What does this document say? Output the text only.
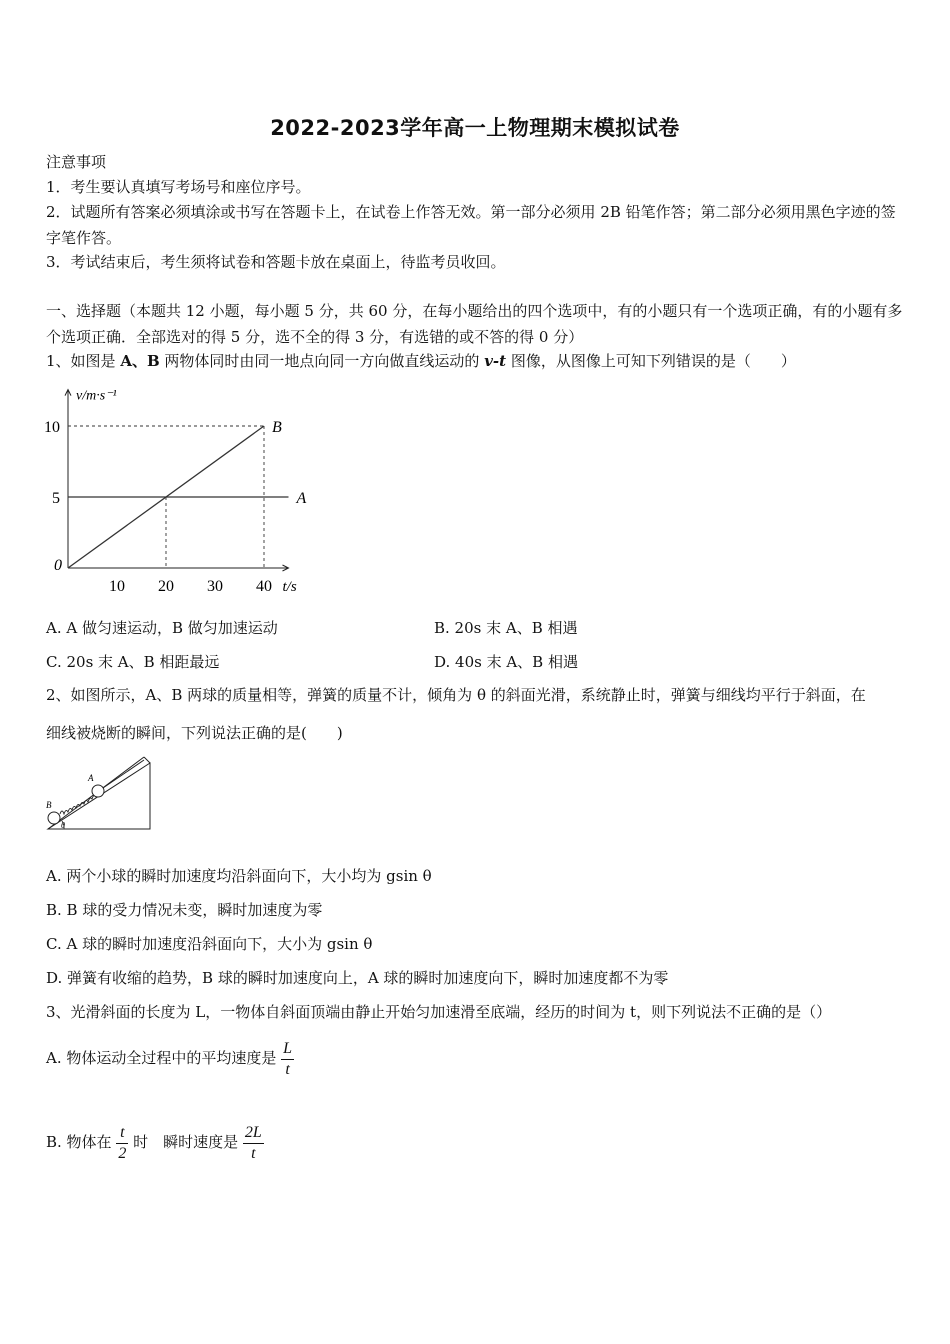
2022-2023学年高一上物理期末模拟试卷
注意事项
1．考生要认真填写考场号和座位序号。
2．试题所有答案必须填涂或书写在答题卡上，在试卷上作答无效。第一部分必须用 2B 铅笔作答；第二部分必须用黑色字迹的签字笔作答。
3．考试结束后，考生须将试卷和答题卡放在桌面上，待监考员收回。
一、选择题（本题共 12 小题，每小题 5 分，共 60 分，在每小题给出的四个选项中，有的小题只有一个选项正确，有的小题有多个选项正确．全部选对的得 5 分，选不全的得 3 分，有选错的或不答的得 0 分）
1、如图是 A、B 两物体同时由同一地点向同一方向做直线运动的 v-t 图像，从图像上可知下列错误的是（　　）
v/m·s⁻¹
t/s
0
10 20 30 40
5
10
A
B
A. A 做匀速运动，B 做匀加速运动	B. 20s 末 A、B 相遇
C. 20s 末 A、B 相距最远	D. 40s 末 A、B 相遇
2、如图所示，A、B 两球的质量相等，弹簧的质量不计，倾角为 θ 的斜面光滑，系统静止时，弹簧与细线均平行于斜面，在
细线被烧断的瞬间，下列说法正确的是(　　)
A
B
θ
A. 两个小球的瞬时加速度均沿斜面向下，大小均为 gsin θ
B. B 球的受力情况未变，瞬时加速度为零
C. A 球的瞬时加速度沿斜面向下，大小为 gsin θ
D. 弹簧有收缩的趋势，B 球的瞬时加速度向上，A 球的瞬时加速度向下，瞬时加速度都不为零
3、光滑斜面的长度为 L，一物体自斜面顶端由静止开始匀加速滑至底端，经历的时间为 t，则下列说法不正确的是（）
A. 物体运动全过程中的平均速度是 $\frac{L}{t}$
B. 物体在 $\frac{t}{2}$ 时　瞬时速度是 $\frac{2L}{t}$
